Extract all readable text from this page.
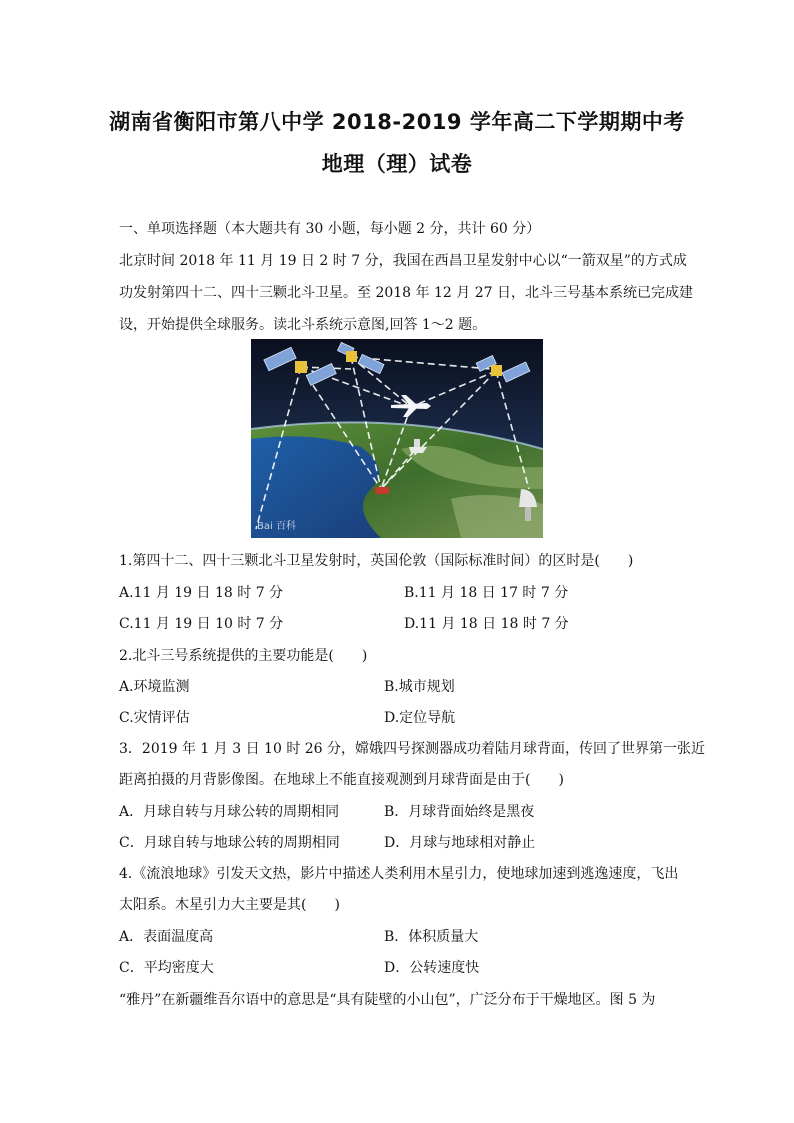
湖南省衡阳市第八中学 2018-2019 学年高二下学期期中考
地理（理）试卷
一、单项选择题（本大题共有 30 小题，每小题 2 分，共计 60 分）
北京时间 2018 年 11 月 19 日 2 时 7 分，我国在西昌卫星发射中心以“一箭双星”的方式成
功发射第四十二、四十三颗北斗卫星。至 2018 年 12 月 27 日，北斗三号基本系统已完成建
设，开始提供全球服务。读北斗系统示意图,回答 1～2 题。
Bai 百科
1.第四十二、四十三颗北斗卫星发射时，英国伦敦（国际标准时间）的区时是(　　)
A.11 月 19 日 18 时 7 分	B.11 月 18 日 17 时 7 分
C.11 月 19 日 10 时 7 分	D.11 月 18 日 18 时 7 分
2.北斗三号系统提供的主要功能是(　　)
A.环境监测	B.城市规划
C.灾情评估	D.定位导航
3．2019 年 1 月 3 日 10 时 26 分，嫦娥四号探测器成功着陆月球背面，传回了世界第一张近
距离拍摄的月背影像图。在地球上不能直接观测到月球背面是由于(　　)
A．月球自转与月球公转的周期相同	B．月球背面始终是黑夜
C．月球自转与地球公转的周期相同	D．月球与地球相对静止
4.《流浪地球》引发天文热，影片中描述人类利用木星引力，使地球加速到逃逸速度，飞出
太阳系。木星引力大主要是其(　　)
A．表面温度高	B．体积质量大
C．平均密度大	D．公转速度快
“雅丹”在新疆维吾尔语中的意思是“具有陡壁的小山包”，广泛分布于干燥地区。图 5 为
